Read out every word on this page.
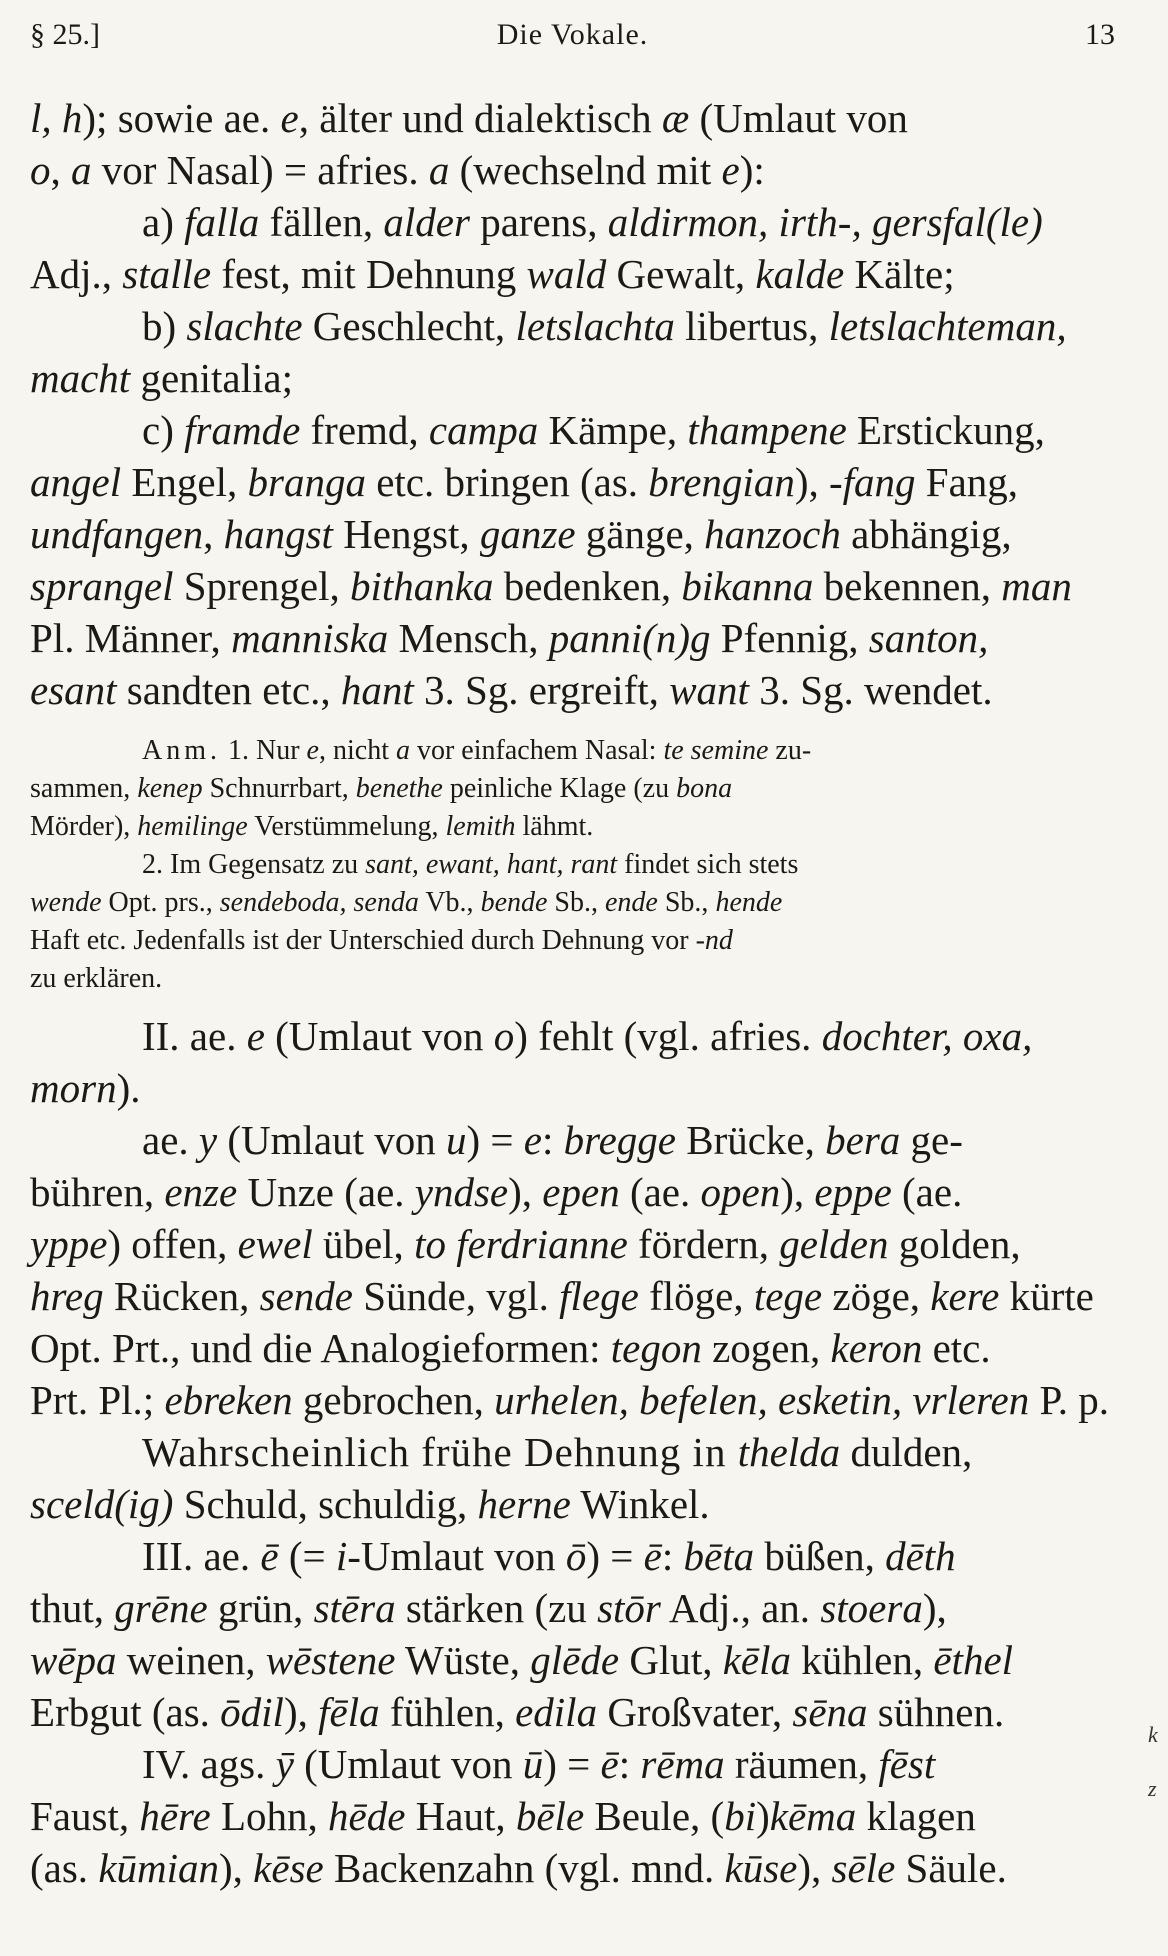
§ 25.]	Die Vokale.	13

l, h); sowie ae. e, älter und dialektisch æ (Umlaut von
o, a vor Nasal) = afries. a (wechselnd mit e):

a) falla fällen, alder parens, aldirmon, irth-, gersfal(le)
Adj., stalle fest, mit Dehnung wald Gewalt, kalde Kälte;

b) slachte Geschlecht, letslachta libertus, letslachteman,
macht genitalia;

c) framde fremd, campa Kämpe, thampene Erstickung,
angel Engel, branga etc. bringen (as. brengian), -fang Fang,
undfangen, hangst Hengst, ganze gänge, hanzoch abhängig,
sprangel Sprengel, bithanka bedenken, bikanna bekennen, man
Pl. Männer, manniska Mensch, panni(n)g Pfennig, santon,
esant sandten etc., hant 3. Sg. ergreift, want 3. Sg. wendet.

Anm. 1. Nur e, nicht a vor einfachem Nasal: te semine zu-
sammen, kenep Schnurrbart, benethe peinliche Klage (zu bona
Mörder), hemilinge Verstümmelung, lemith lähmt.

2. Im Gegensatz zu sant, ewant, hant, rant findet sich stets
wende Opt. prs., sendeboda, senda Vb., bende Sb., ende Sb., hende
Haft etc. Jedenfalls ist der Unterschied durch Dehnung vor -nd
zu erklären.

II. ae. e (Umlaut von o) fehlt (vgl. afries. dochter, oxa,
morn).

ae. y (Umlaut von u) = e: bregge Brücke, bera ge-
bühren, enze Unze (ae. yndse), epen (ae. open), eppe (ae.
yppe) offen, ewel übel, to ferdrianne fördern, gelden golden,
hreg Rücken, sende Sünde, vgl. flege flöge, tege zöge, kere kürte
Opt. Prt., und die Analogieformen: tegon zogen, keron etc.
Prt. Pl.; ebreken gebrochen, urhelen, befelen, esketin, vrleren P. p.

Wahrscheinlich frühe Dehnung in thelda dulden,
sceld(ig) Schuld, schuldig, herne Winkel.

III. ae. ē (= i-Umlaut von ō) = ē: bēta büßen, dēth
thut, grēne grün, stēra stärken (zu stōr Adj., an. stoera),
wēpa weinen, wēstene Wüste, glēde Glut, kēla kühlen, ēthel
Erbgut (as. ōdil), fēla fühlen, edila Großvater, sēna sühnen.

IV. ags. ȳ (Umlaut von ū) = ē: rēma räumen, fēst
Faust, hēre Lohn, hēde Haut, bēle Beule, (bi)kēma klagen
(as. kūmian), kēse Backenzahn (vgl. mnd. kūse), sēle Säule.

k
z
